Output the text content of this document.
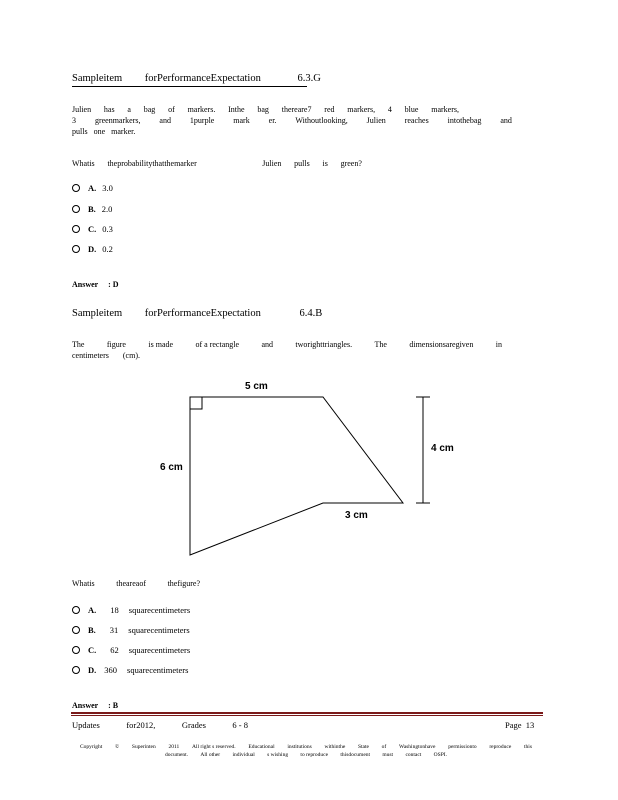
Sampleitem forPerformanceExpectation	6.3.G
Julien has a bag of markers. Inthe bag thereare7 red markers, 4 blue markers,
3 greenmarkers, and 1purple mark er. Withoutlooking, Julien reaches intothebag and
pulls one marker.
Whatis theprobabilitythatthemarker	Julien pulls is green?
A. 3.0
B. 2.0
C. 0.3
D. 0.2
Answer : D
Sampleitem forPerformanceExpectation	6.4.B
The	figure	is made	of a rectangle	and	tworighttriangles.	The	dimensionsaregiven	in
centimeters (cm).
5 cm
6 cm
4 cm
3 cm
Whatis	theareaof	thefigure?
A. 18 squarecentimeters
B. 31 squarecentimeters
C. 62 squarecentimeters
D. 360 squarecentimeters
Answer : B
Updates	for2012,	Grades	6 - 8	Page  13
Copyright © Superinten 2011 All right s reserved. Educational institutions withinthe State of Washingtonhave permissionto reproduce this
document. All other individual s wishing to reproduce thisdocument must contact OSPI.
